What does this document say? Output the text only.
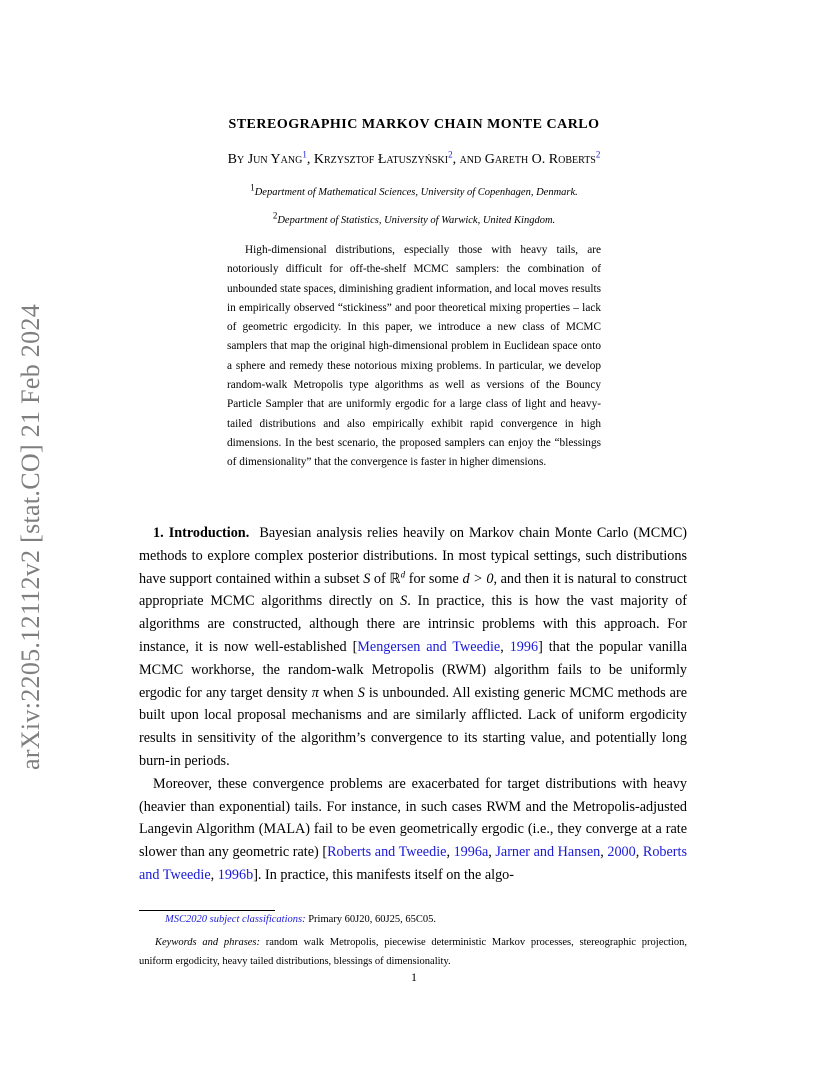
arXiv:2205.12112v2 [stat.CO] 21 Feb 2024
STEREOGRAPHIC MARKOV CHAIN MONTE CARLO
By Jun Yang$^1$, Krzysztof Łatuszyński$^2$, and Gareth O. Roberts$^2$
$^1$Department of Mathematical Sciences, University of Copenhagen, Denmark.
$^2$Department of Statistics, University of Warwick, United Kingdom.

High-dimensional distributions, especially those with heavy tails, are notoriously difficult for off-the-shelf MCMC samplers: the combination of unbounded state spaces, diminishing gradient information, and local moves results in empirically observed “stickiness” and poor theoretical mixing properties – lack of geometric ergodicity. In this paper, we introduce a new class of MCMC samplers that map the original high-dimensional problem in Euclidean space onto a sphere and remedy these notorious mixing problems. In particular, we develop random-walk Metropolis type algorithms as well as versions of the Bouncy Particle Sampler that are uniformly ergodic for a large class of light and heavy-tailed distributions and also empirically exhibit rapid convergence in high dimensions. In the best scenario, the proposed samplers can enjoy the “blessings of dimensionality” that the convergence is faster in higher dimensions.

1. Introduction. Bayesian analysis relies heavily on Markov chain Monte Carlo (MCMC) methods to explore complex posterior distributions. In most typical settings, such distributions have support contained within a subset S of ℝ$^d$ for some d > 0, and then it is natural to construct appropriate MCMC algorithms directly on S. In practice, this is how the vast majority of algorithms are constructed, although there are intrinsic problems with this approach. For instance, it is now well-established [Mengersen and Tweedie, 1996] that the popular vanilla MCMC workhorse, the random-walk Metropolis (RWM) algorithm fails to be uniformly ergodic for any target density π when S is unbounded. All existing generic MCMC methods are built upon local proposal mechanisms and are similarly afflicted. Lack of uniform ergodicity results in sensitivity of the algorithm’s convergence to its starting value, and potentially long burn-in periods.

Moreover, these convergence problems are exacerbated for target distributions with heavy (heavier than exponential) tails. For instance, in such cases RWM and the Metropolis-adjusted Langevin Algorithm (MALA) fail to be even geometrically ergodic (i.e., they converge at a rate slower than any geometric rate) [Roberts and Tweedie, 1996a, Jarner and Hansen, 2000, Roberts and Tweedie, 1996b]. In practice, this manifests itself on the algo-

MSC2020 subject classifications: Primary 60J20, 60J25, 65C05.
Keywords and phrases: random walk Metropolis, piecewise deterministic Markov processes, stereographic projection, uniform ergodicity, heavy tailed distributions, blessings of dimensionality.
1
